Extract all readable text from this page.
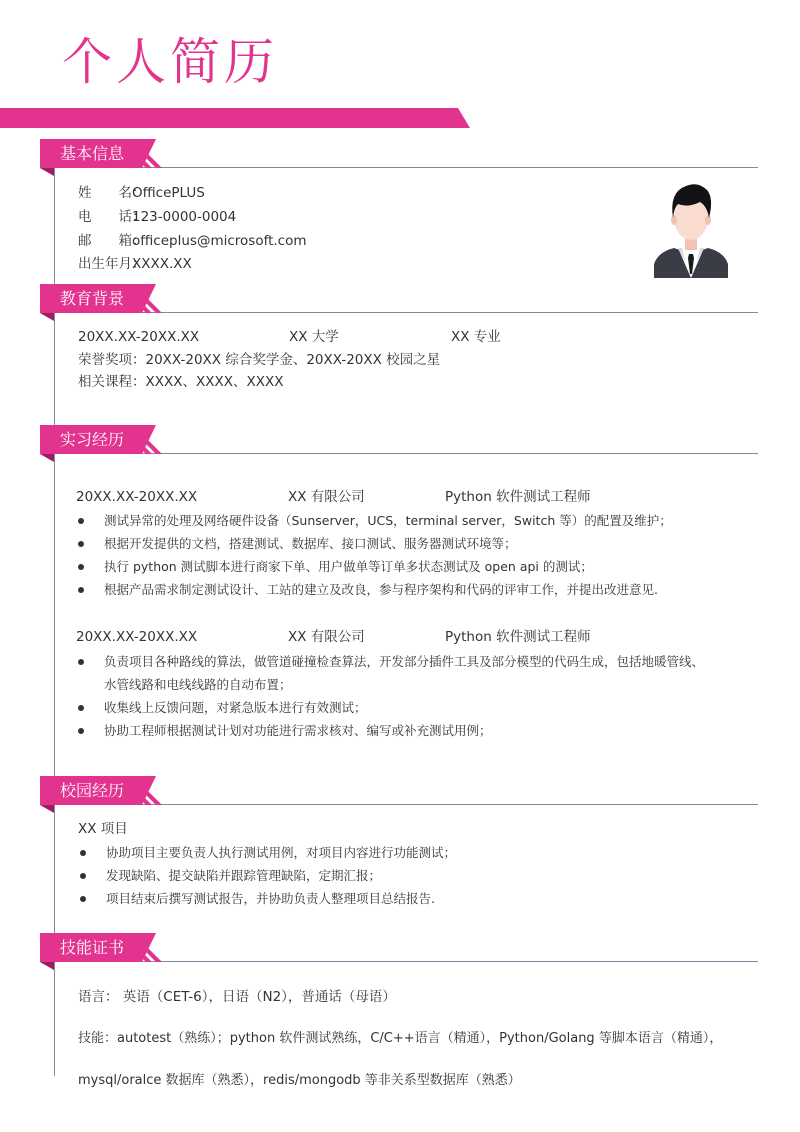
个人简历
基本信息
姓　　名：OfficePLUS
电　　话：123-0000-0004
邮　　箱：officeplus@microsoft.com
出生年月：XXXX.XX
教育背景
20XX.XX-20XX.XX	XX 大学	XX 专业
荣誉奖项：20XX-20XX 综合奖学金、20XX-20XX 校园之星
相关课程：XXXX、XXXX、XXXX
实习经历
20XX.XX-20XX.XX	XX 有限公司	Python 软件测试工程师
测试异常的处理及网络硬件设备（Sunserver，UCS，terminal server，Switch 等）的配置及维护；
根据开发提供的文档，搭建测试、数据库、接口测试、服务器测试环境等；
执行 python 测试脚本进行商家下单、用户做单等订单多状态测试及 open api 的测试；
根据产品需求制定测试设计、工站的建立及改良，参与程序架构和代码的评审工作，并提出改进意见.
20XX.XX-20XX.XX	XX 有限公司	Python 软件测试工程师
负责项目各种路线的算法，做管道碰撞检查算法，开发部分插件工具及部分模型的代码生成，包括地暖管线、
水管线路和电线线路的自动布置；
收集线上反馈问题，对紧急版本进行有效测试；
协助工程师根据测试计划对功能进行需求核对、编写或补充测试用例；
校园经历
XX 项目
协助项目主要负责人执行测试用例，对项目内容进行功能测试；
发现缺陷、提交缺陷并跟踪管理缺陷，定期汇报；
项目结束后撰写测试报告，并协助负责人整理项目总结报告.
技能证书
语言： 英语（CET-6），日语（N2），普通话（母语）
技能：autotest（熟练）；python 软件测试熟练，C/C++语言（精通），Python/Golang 等脚本语言（精通），
mysql/oralce 数据库（熟悉），redis/mongodb 等非关系型数据库（熟悉）
